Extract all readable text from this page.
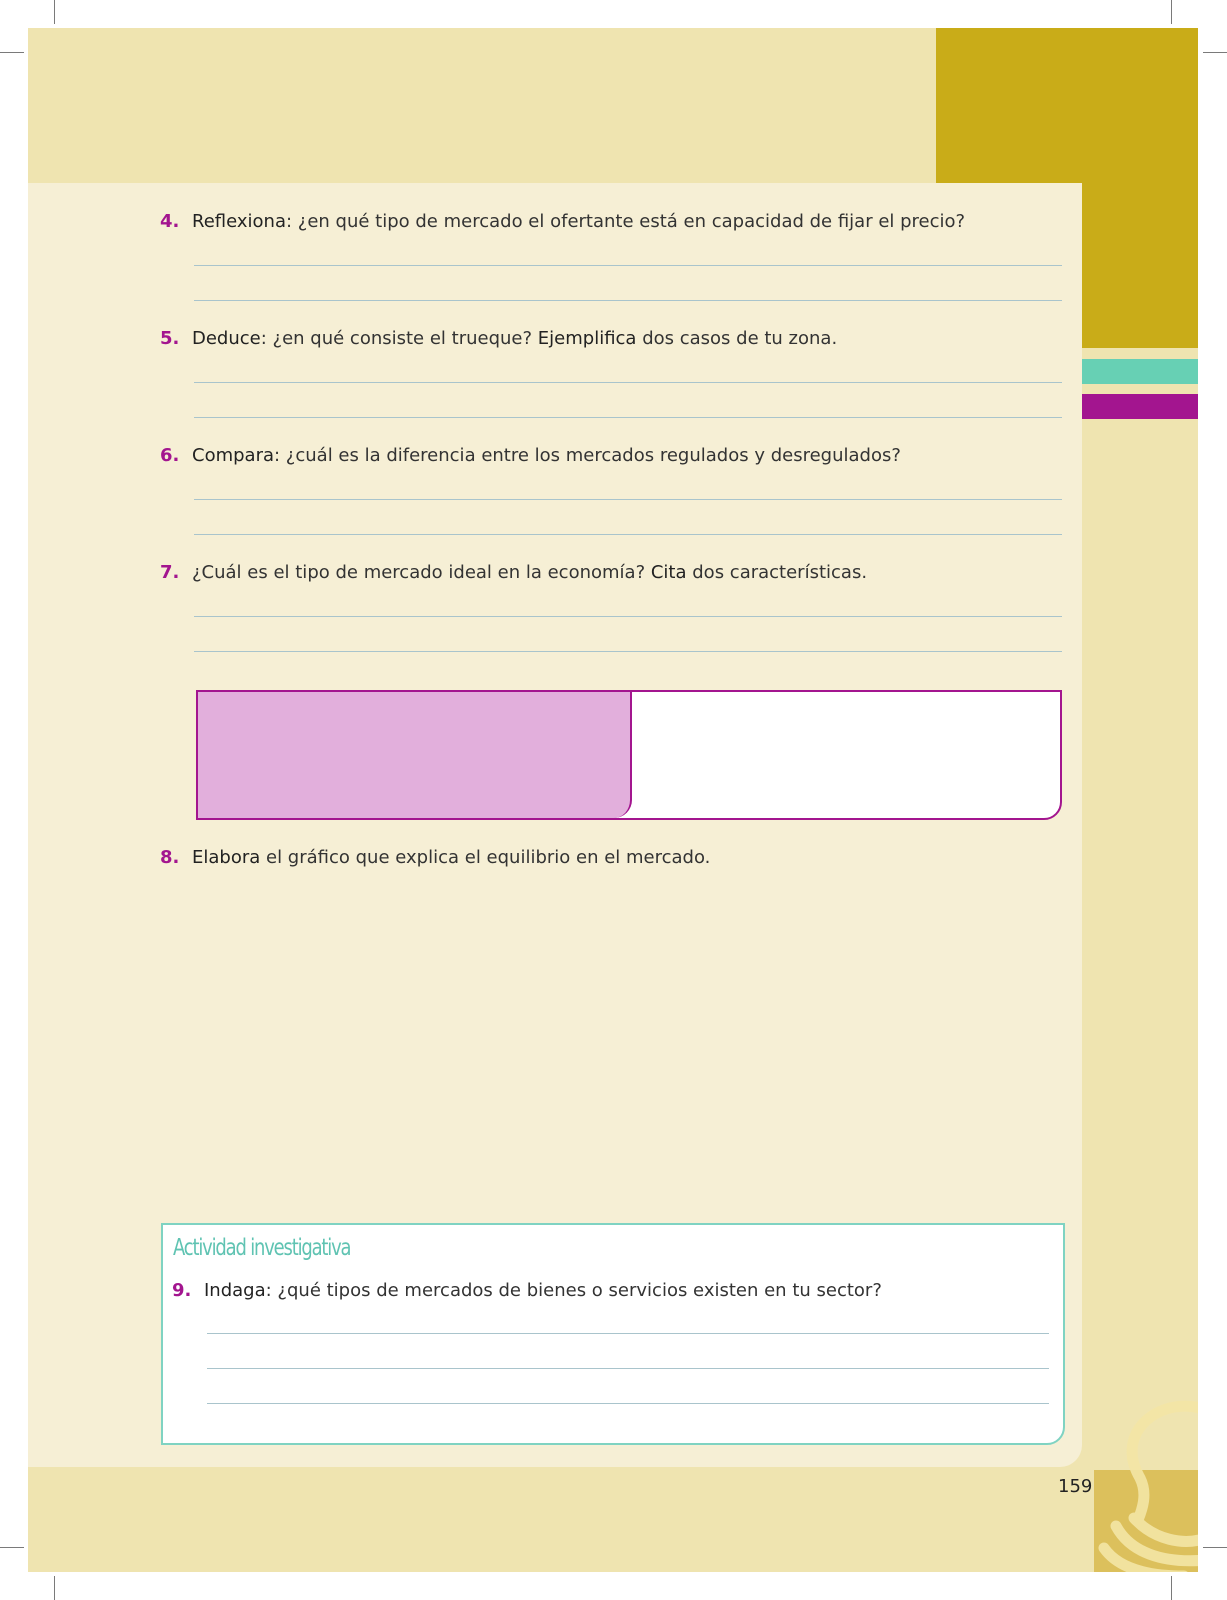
4. Reflexiona: ¿en qué tipo de mercado el ofertante está en capacidad de fijar el precio?
5. Deduce: ¿en qué consiste el trueque? Ejemplifica dos casos de tu zona.
6. Compara: ¿cuál es la diferencia entre los mercados regulados y desregulados?
7. ¿Cuál es el tipo de mercado ideal en la economía? Cita dos características.
8. Elabora el gráfico que explica el equilibrio en el mercado.
Actividad investigativa
9. Indaga: ¿qué tipos de mercados de bienes o servicios existen en tu sector?
159
